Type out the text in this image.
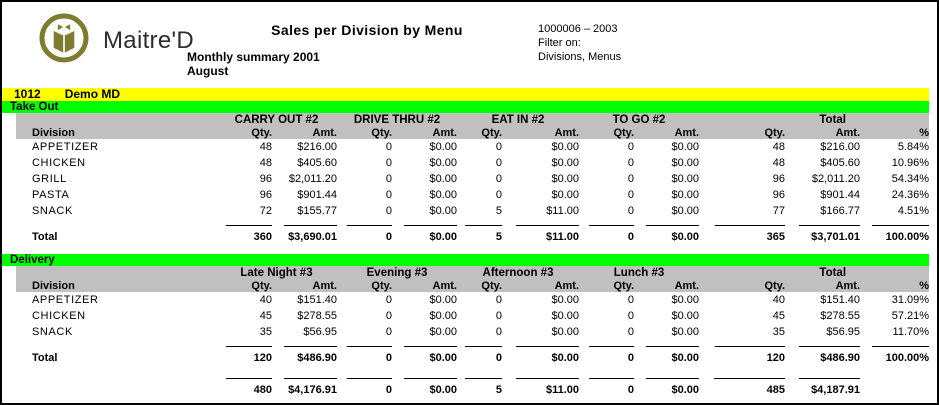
Maitre'D	Sales per Division by Menu
Monthly summary 2001
August
1000006 – 2003
Filter on:
Divisions, Menus
1012 Demo MD
Take Out
	CARRY OUT #2		DRIVE THRU #2		EAT IN #2		TO GO #2		Total		
Division	Qty.	Amt.	Qty.	Amt.	Qty.	Amt.	Qty.	Amt.	Qty.	Amt.	%
APPETIZER	48	$216.00	0	$0.00	0	$0.00	0	$0.00	48	$216.00	5.84%
CHICKEN	48	$405.60	0	$0.00	0	$0.00	0	$0.00	48	$405.60	10.96%
GRILL	96	$2,011.20	0	$0.00	0	$0.00	0	$0.00	96	$2,011.20	54.34%
PASTA	96	$901.44	0	$0.00	0	$0.00	0	$0.00	96	$901.44	24.36%
SNACK	72	$155.77	0	$0.00	5	$11.00	0	$0.00	77	$166.77	4.51%

Total	360	$3,690.01	0	$0.00	5	$11.00	0	$0.00	365	$3,701.01	100.00%
Delivery
	Late Night #3		Evening #3		Afternoon #3		Lunch #3		Total		
Division	Qty.	Amt.	Qty.	Amt.	Qty.	Amt.	Qty.	Amt.	Qty.	Amt.	%
APPETIZER	40	$151.40	0	$0.00	0	$0.00	0	$0.00	40	$151.40	31.09%
CHICKEN	45	$278.55	0	$0.00	0	$0.00	0	$0.00	45	$278.55	57.21%
SNACK	35	$56.95	0	$0.00	0	$0.00	0	$0.00	35	$56.95	11.70%

Total	120	$486.90	0	$0.00	0	$0.00	0	$0.00	120	$486.90	100.00%

	480	$4,176.91	0	$0.00	5	$11.00	0	$0.00	485	$4,187.91	
